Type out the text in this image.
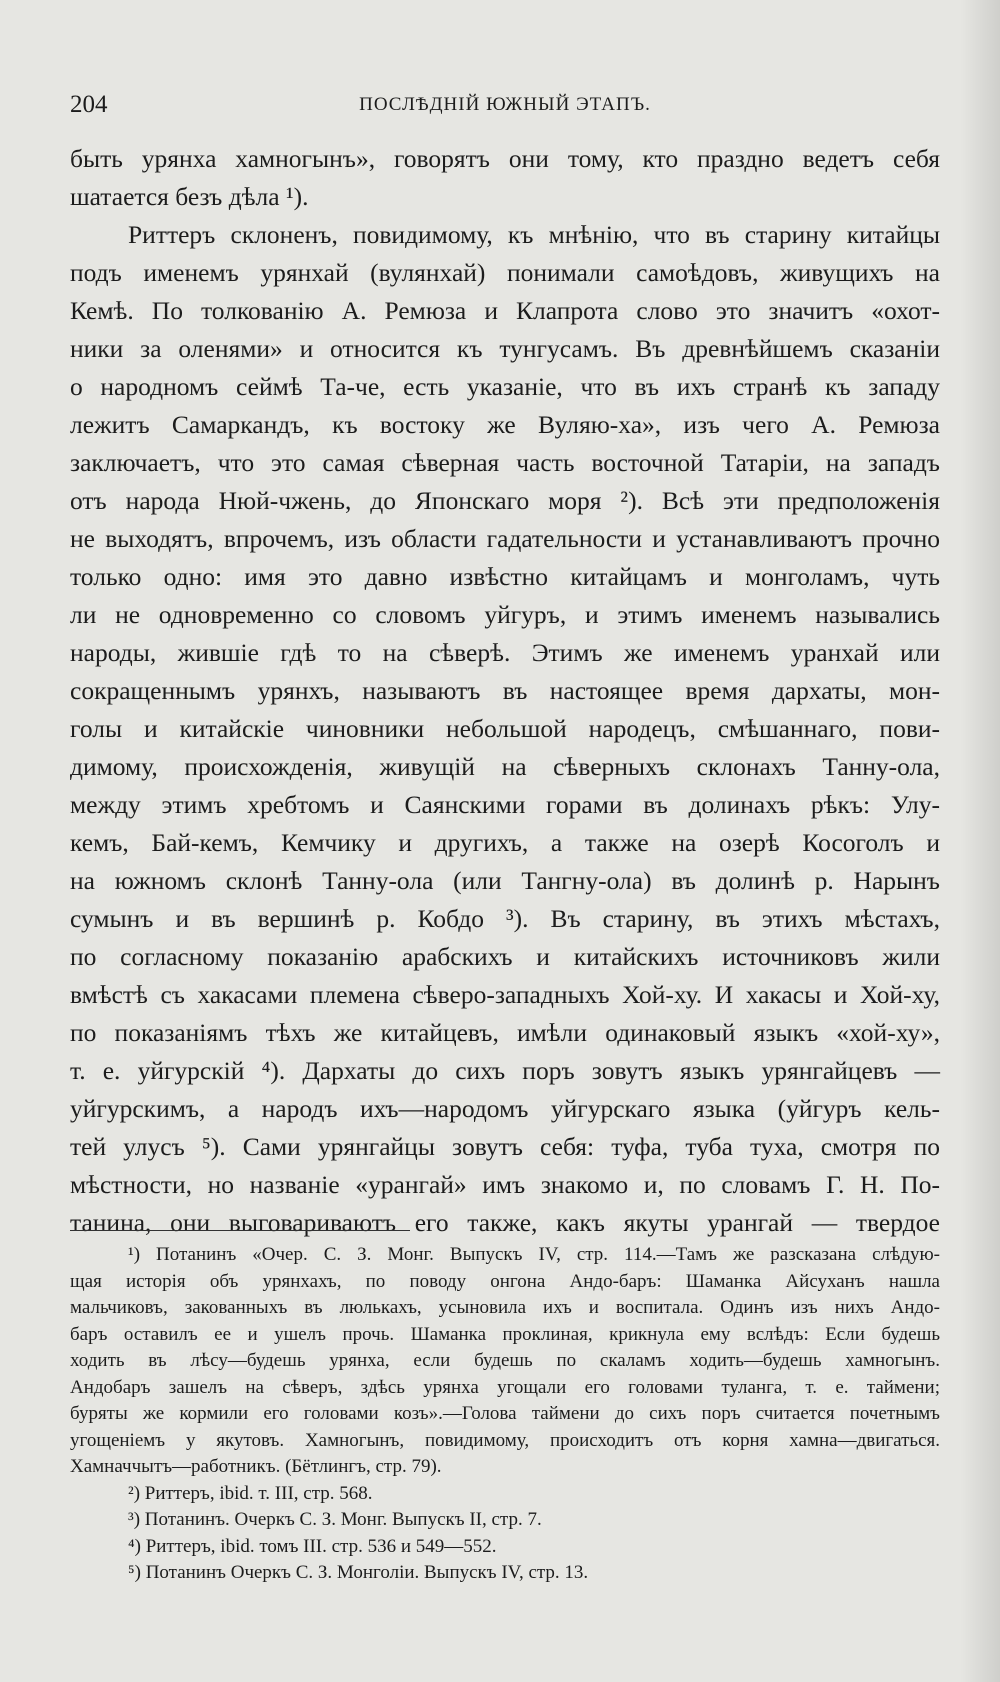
204	ПОСЛѢДНІЙ ЮЖНЫЙ ЭТАПЪ.
быть урянха хамногынъ», говорятъ они тому, кто праздно ведетъ себя
шатается безъ дѣла ¹).
Риттеръ склоненъ, повидимому, къ мнѣнію, что въ старину китайцы
подъ именемъ урянхай (вулянхай) понимали самоѣдовъ, живущихъ на
Кемѣ. По толкованію А. Ремюза и Клапрота слово это значитъ «охот-
ники за оленями» и относится къ тунгусамъ. Въ древнѣйшемъ сказаніи
о народномъ сеймѣ Та-че, есть указаніе, что въ ихъ странѣ къ западу
лежитъ Самаркандъ, къ востоку же Вуляю-ха», изъ чего А. Ремюза
заключаетъ, что это самая сѣверная часть восточной Татаріи, на западъ
отъ народа Нюй-чжень, до Японскаго моря ²). Всѣ эти предположенія
не выходятъ, впрочемъ, изъ области гадательности и устанавливаютъ прочно
только одно: имя это давно извѣстно китайцамъ и монголамъ, чуть
ли не одновременно со словомъ уйгуръ, и этимъ именемъ назывались
народы, жившіе гдѣ то на сѣверѣ. Этимъ же именемъ уранхай или
сокращеннымъ урянхъ, называютъ въ настоящее время дархаты, мон-
голы и китайскіе чиновники небольшой народецъ, смѣшаннаго, пови-
димому, происхожденія, живущій на сѣверныхъ склонахъ Танну-ола,
между этимъ хребтомъ и Саянскими горами въ долинахъ рѣкъ: Улу-
кемъ, Бай-кемъ, Кемчику и другихъ, а также на озерѣ Косоголъ и
на южномъ склонѣ Танну-ола (или Тангну-ола) въ долинѣ р. Нарынъ
сумынъ и въ вершинѣ р. Кобдо ³). Въ старину, въ этихъ мѣстахъ,
по согласному показанію арабскихъ и китайскихъ источниковъ жили
вмѣстѣ съ хакасами племена сѣверо-западныхъ Хой-ху. И хакасы и Хой-ху,
по показаніямъ тѣхъ же китайцевъ, имѣли одинаковый языкъ «хой-ху»,
т. е. уйгурскій ⁴). Дархаты до сихъ поръ зовутъ языкъ урянгайцевъ —
уйгурскимъ, а народъ ихъ—народомъ уйгурскаго языка (уйгуръ кель-
тей улусъ ⁵). Сами урянгайцы зовутъ себя: туфа, туба туха, смотря по
мѣстности, но названіе «урангай» имъ знакомо и, по словамъ Г. Н. По-
танина, они выговариваютъ его также, какъ якуты урангай — твердое
¹) Потанинъ «Очер. С. З. Монг. Выпускъ IV, стр. 114.—Тамъ же разсказана слѣдую-
щая исторія объ урянхахъ, по поводу онгона Андо-баръ: Шаманка Айсуханъ нашла
мальчиковъ, закованныхъ въ люлькахъ, усыновила ихъ и воспитала. Одинъ изъ нихъ Андо-
баръ оставилъ ее и ушелъ прочь. Шаманка проклиная, крикнула ему вслѣдъ: Если будешь
ходить въ лѣсу—будешь урянха, если будешь по скаламъ ходить—будешь хамногынъ.
Андобаръ зашелъ на сѣверъ, здѣсь урянха угощали его головами туланга, т. е. таймени;
буряты же кормили его головами козъ».—Голова таймени до сихъ поръ считается почетнымъ
угощеніемъ у якутовъ. Хамногынъ, повидимому, происходитъ отъ корня хамна—двигаться.
Хамначчытъ—работникъ. (Бётлингъ, стр. 79).
²) Риттеръ, ibid. т. III, стр. 568.
³) Потанинъ. Очеркъ С. З. Монг. Выпускъ II, стр. 7.
⁴) Риттеръ, ibid. томъ III. стр. 536 и 549—552.
⁵) Потанинъ Очеркъ С. З. Монголіи. Выпускъ IV, стр. 13.
